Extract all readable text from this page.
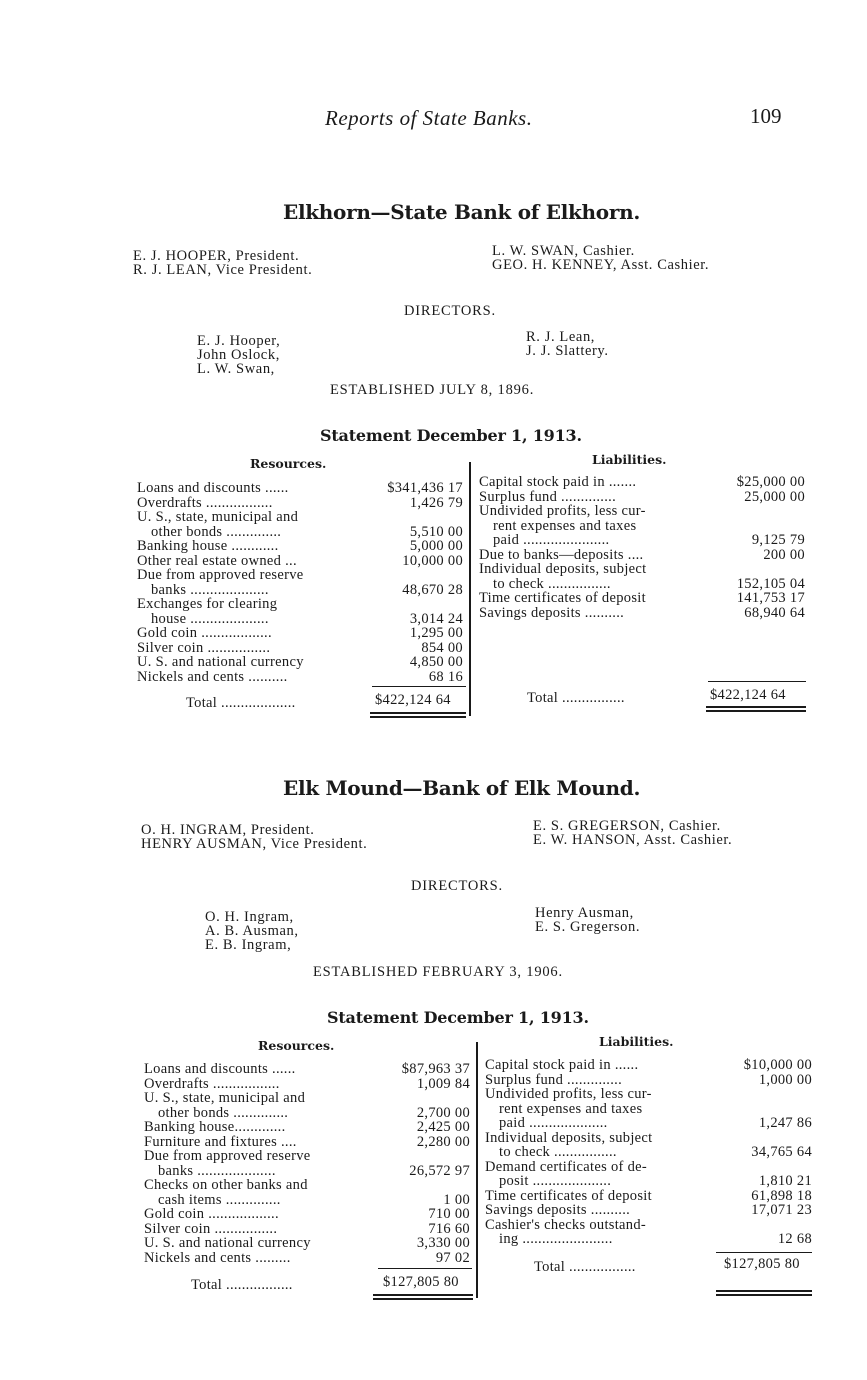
Reports of State Banks.	109
Elkhorn—State Bank of Elkhorn.
E. J. HOOPER, President.
R. J. LEAN, Vice President.
L. W. SWAN, Cashier.
GEO. H. KENNEY, Asst. Cashier.
DIRECTORS.
E. J. Hooper,
John Oslock,
L. W. Swan,
R. J. Lean,
J. J. Slattery.
ESTABLISHED JULY 8, 1896.
Statement December 1, 1913.
Resources.	Liabilities.
Loans and discounts ......	$341,436 17
Overdrafts .................	1,426 79
U. S., state, municipal and
other bonds ..............	5,510 00
Banking house ............	5,000 00
Other real estate owned ...	10,000 00
Due from approved reserve
banks ....................	48,670 28
Exchanges for clearing
house ....................	3,014 24
Gold coin ..................	1,295 00
Silver coin ................	854 00
U. S. and national currency	4,850 00
Nickels and cents ..........	68 16
Capital stock paid in .......	$25,000 00
Surplus fund ..............	25,000 00
Undivided profits, less cur-
rent expenses and taxes
paid ......................	9,125 79
Due to banks—deposits ....	200 00
Individual deposits, subject
to check ................	152,105 04
Time certificates of deposit	141,753 17
Savings deposits ..........	68,940 64
Total ...................	$422,124 64	Total ................	$422,124 64
Elk Mound—Bank of Elk Mound.
O. H. INGRAM, President.
HENRY AUSMAN, Vice President.
E. S. GREGERSON, Cashier.
E. W. HANSON, Asst. Cashier.
DIRECTORS.
O. H. Ingram,
A. B. Ausman,
E. B. Ingram,
Henry Ausman,
E. S. Gregerson.
ESTABLISHED FEBRUARY 3, 1906.
Statement December 1, 1913.
Resources.	Liabilities.
Loans and discounts ......	$87,963 37
Overdrafts .................	1,009 84
U. S., state, municipal and
other bonds ..............	2,700 00
Banking house.............	2,425 00
Furniture and fixtures ....	2,280 00
Due from approved reserve
banks ....................	26,572 97
Checks on other banks and
cash items ..............	1 00
Gold coin ..................	710 00
Silver coin ................	716 60
U. S. and national currency	3,330 00
Nickels and cents .........	97 02
Capital stock paid in ......	$10,000 00
Surplus fund ..............	1,000 00
Undivided profits, less cur-
rent expenses and taxes
paid ....................	1,247 86
Individual deposits, subject
to check ................	34,765 64
Demand certificates of de-
posit ....................	1,810 21
Time certificates of deposit	61,898 18
Savings deposits ..........	17,071 23
Cashier's checks outstand-
ing .......................	12 68
Total .................	$127,805 80
Total .................	$127,805 80
